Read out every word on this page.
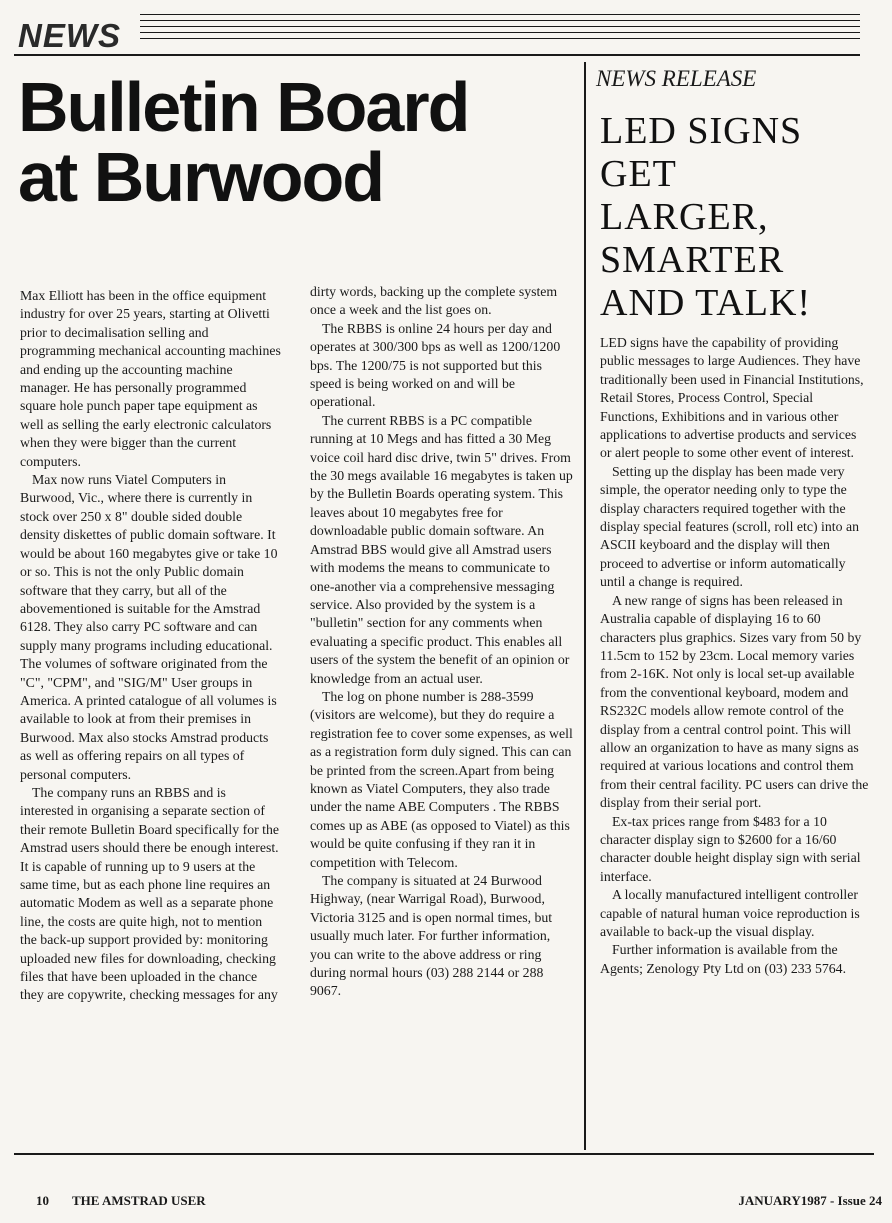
NEWS
Bulletin Board
at Burwood

Max Elliott has been in the office equipment industry for over 25 years, starting at Olivetti prior to decimalisation selling and programming mechanical accounting machines and ending up the accounting machine manager. He has personally programmed square hole punch paper tape equipment as well as selling the early electronic calculators when they were bigger than the current computers.

Max now runs Viatel Computers in Burwood, Vic., where there is currently in stock over 250 x 8" double sided double density diskettes of public domain software. It would be about 160 megabytes give or take 10 or so. This is not the only Public domain software that they carry, but all of the abovementioned is suitable for the Amstrad 6128. They also carry PC software and can supply many programs including educational. The volumes of software originated from the "C", "CPM", and "SIG/M" User groups in America. A printed catalogue of all volumes is available to look at from their premises in Burwood. Max also stocks Amstrad products as well as offering repairs on all types of personal computers.

The company runs an RBBS and is interested in organising a separate section of their remote Bulletin Board specifically for the Amstrad users should there be enough interest. It is capable of running up to 9 users at the same time, but as each phone line requires an automatic Modem as well as a separate phone line, the costs are quite high, not to mention the back-up support provided by: monitoring uploaded new files for downloading, checking files that have been uploaded in the chance they are copywrite, checking messages for any

dirty words, backing up the complete system once a week and the list goes on.

The RBBS is online 24 hours per day and operates at 300/300 bps as well as 1200/1200 bps. The 1200/75 is not supported but this speed is being worked on and will be operational.

The current RBBS is a PC compatible running at 10 Megs and has fitted a 30 Meg voice coil hard disc drive, twin 5" drives. From the 30 megs available 16 megabytes is taken up by the Bulletin Boards operating system. This leaves about 10 megabytes free for downloadable public domain software. An Amstrad BBS would give all Amstrad users with modems the means to communicate to one-another via a comprehensive messaging service. Also provided by the system is a "bulletin" section for any comments when evaluating a specific product. This enables all users of the system the benefit of an opinion or knowledge from an actual user.

The log on phone number is 288-3599 (visitors are welcome), but they do require a registration fee to cover some expenses, as well as a registration form duly signed. This can can be printed from the screen.Apart from being known as Viatel Computers, they also trade under the name ABE Computers . The RBBS comes up as ABE (as opposed to Viatel) as this would be quite confusing if they ran it in competition with Telecom.

The company is situated at 24 Burwood Highway, (near Warrigal Road), Burwood, Victoria 3125 and is open normal times, but usually much later. For further information, you can write to the above address or ring during normal hours (03) 288 2144 or 288 9067.

NEWS RELEASE
LED SIGNS
GET
LARGER,
SMARTER
AND TALK!

LED signs have the capability of providing public messages to large Audiences. They have traditionally been used in Financial Institutions, Retail Stores, Process Control, Special Functions, Exhibitions and in various other applications to advertise products and services or alert people to some other event of interest.

Setting up the display has been made very simple, the operator needing only to type the display characters required together with the display special features (scroll, roll etc) into an ASCII keyboard and the display will then proceed to advertise or inform automatically until a change is required.

A new range of signs has been released in Australia capable of displaying 16 to 60 characters plus graphics. Sizes vary from 50 by 11.5cm to 152 by 23cm. Local memory varies from 2-16K. Not only is local set-up available from the conventional keyboard, modem and RS232C models allow remote control of the display from a central control point. This will allow an organization to have as many signs as required at various locations and control them from their central facility. PC users can drive the display from their serial port.

Ex-tax prices range from $483 for a 10 character display sign to $2600 for a 16/60 character double height display sign with serial interface.

A locally manufactured intelligent controller capable of natural human voice reproduction is available to back-up the visual display.

Further information is available from the Agents; Zenology Pty Ltd on (03) 233 5764.

10 THE AMSTRAD USER	JANUARY1987 - Issue 24
